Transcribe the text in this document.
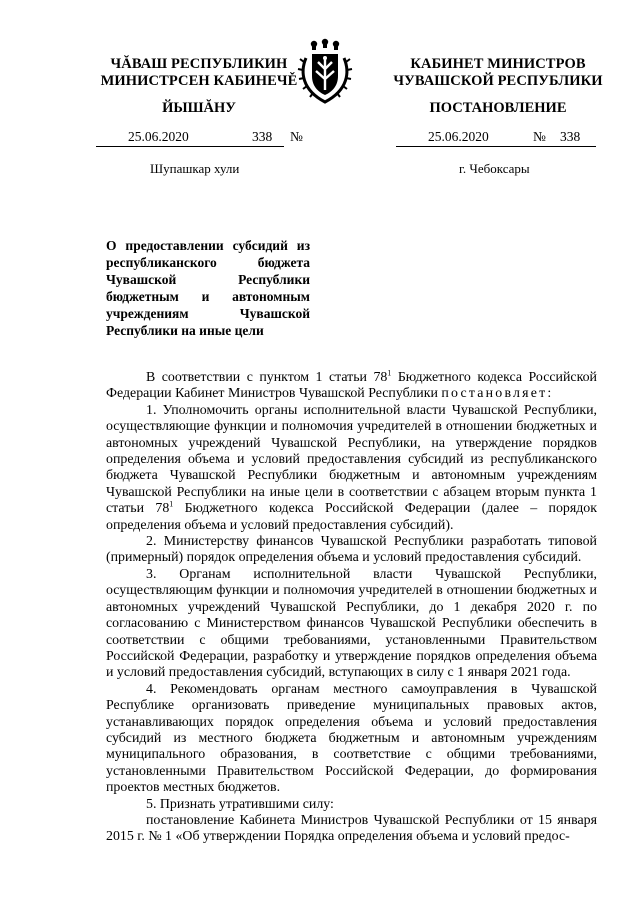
ЧĂВАШ РЕСПУБЛИКИН
МИНИСТРСЕН КАБИНЕЧĚ
ЙЫШĂНУ
КАБИНЕТ МИНИСТРОВ
ЧУВАШСКОЙ РЕСПУБЛИКИ
ПОСТАНОВЛЕНИЕ
25.06.2020	338 №	25.06.2020	№ 338
Шупашкар хули	г. Чебоксары
О предоставлении субсидий из республиканского бюджета Чувашской Республики бюджетным и автономным учреждениям Чувашской Республики на иные цели

В соответствии с пунктом 1 статьи $78^1$ Бюджетного кодекса Российской Федерации Кабинет Министров Чувашской Республики постановляет:

1. Уполномочить органы исполнительной власти Чувашской Республики, осуществляющие функции и полномочия учредителей в отношении бюджетных и автономных учреждений Чувашской Республики, на утверждение порядков определения объема и условий предоставления субсидий из республиканского бюджета Чувашской Республики бюджетным и автономным учреждениям Чувашской Республики на иные цели в соответствии с абзацем вторым пункта 1 статьи $78^1$ Бюджетного кодекса Российской Федерации (далее – порядок определения объема и условий предоставления субсидий).

2. Министерству финансов Чувашской Республики разработать типовой (примерный) порядок определения объема и условий предоставления субсидий.

3. Органам исполнительной власти Чувашской Республики, осуществляющим функции и полномочия учредителей в отношении бюджетных и автономных учреждений Чувашской Республики, до 1 декабря 2020 г. по согласованию с Министерством финансов Чувашской Республики обеспечить в соответствии с общими требованиями, установленными Правительством Российской Федерации, разработку и утверждение порядков определения объема и условий предоставления субсидий, вступающих в силу с 1 января 2021 года.

4. Рекомендовать органам местного самоуправления в Чувашской Республике организовать приведение муниципальных правовых актов, устанавливающих порядок определения объема и условий предоставления субсидий из местного бюджета бюджетным и автономным учреждениям муниципального образования, в соответствие с общими требованиями, установленными Правительством Российской Федерации, до формирования проектов местных бюджетов.

5. Признать утратившими силу:

постановление Кабинета Министров Чувашской Республики от 15 января 2015 г. № 1 «Об утверждении Порядка определения объема и условий предос-
